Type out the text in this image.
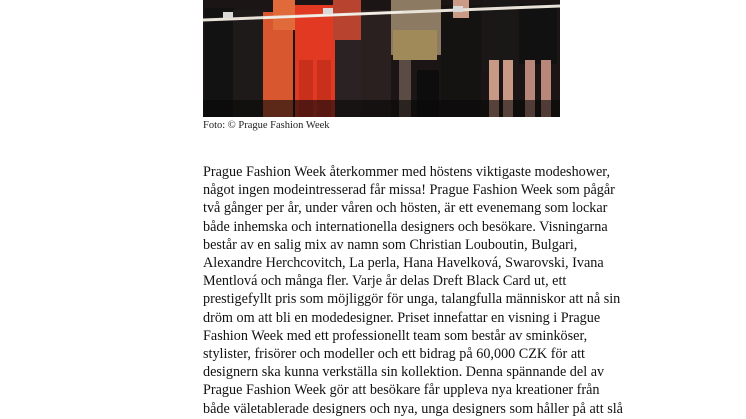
Foto: © Prague Fashion Week
Prague Fashion Week återkommer med höstens viktigaste modeshower,
något ingen modeintresserad får missa! Prague Fashion Week som pågår
två gånger per år, under våren och hösten, är ett evenemang som lockar
både inhemska och internationella designers och besökare. Visningarna
består av en salig mix av namn som Christian Louboutin, Bulgari,
Alexandre Herchcovitch, La perla, Hana Havelková, Swarovski, Ivana
Mentlová och många fler. Varje år delas Dreft Black Card ut, ett
prestigefyllt pris som möjliggör för unga, talangfulla människor att nå sin
dröm om att bli en modedesigner. Priset innefattar en visning i Prague
Fashion Week med ett professionellt team som består av sminköser,
stylister, frisörer och modeller och ett bidrag på 60,000 CZK för att
designern ska kunna verkställa sin kollektion. Denna spännande del av
Prague Fashion Week gör att besökare får uppleva nya kreationer från
både väletablerade designers och nya, unga designers som håller på att slå
